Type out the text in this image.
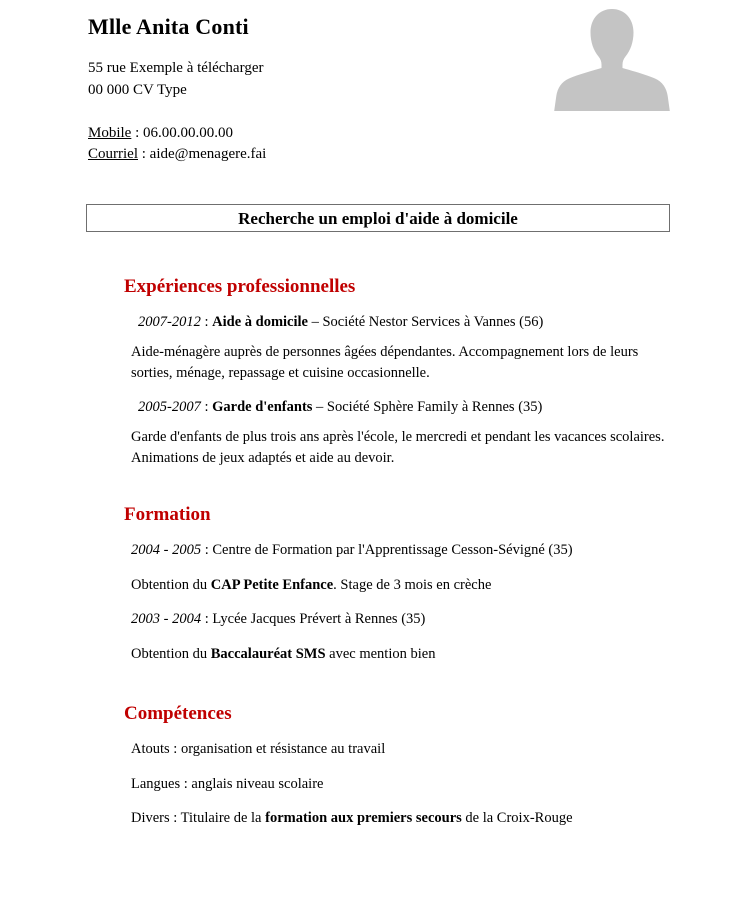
Mlle Anita Conti
55 rue Exemple à télécharger
00 000 CV Type
Mobile : 06.00.00.00.00
Courriel : aide@menagere.fai
Recherche un emploi d'aide à domicile
Expériences professionnelles
2007-2012 : Aide à domicile – Société Nestor Services à Vannes (56)
Aide-ménagère auprès de personnes âgées dépendantes. Accompagnement lors de leurs sorties, ménage, repassage et cuisine occasionnelle.
2005-2007 : Garde d'enfants – Société Sphère Family à Rennes (35)
Garde d'enfants de plus trois ans après l'école, le mercredi et pendant les vacances scolaires. Animations de jeux adaptés et aide au devoir.
Formation
2004 - 2005 : Centre de Formation par l'Apprentissage Cesson-Sévigné (35)
Obtention du CAP Petite Enfance. Stage de 3 mois en crèche
2003 - 2004 : Lycée Jacques Prévert à Rennes (35)
Obtention du Baccalauréat SMS avec mention bien
Compétences
Atouts : organisation et résistance au travail
Langues : anglais niveau scolaire
Divers : Titulaire de la formation aux premiers secours de la Croix-Rouge
